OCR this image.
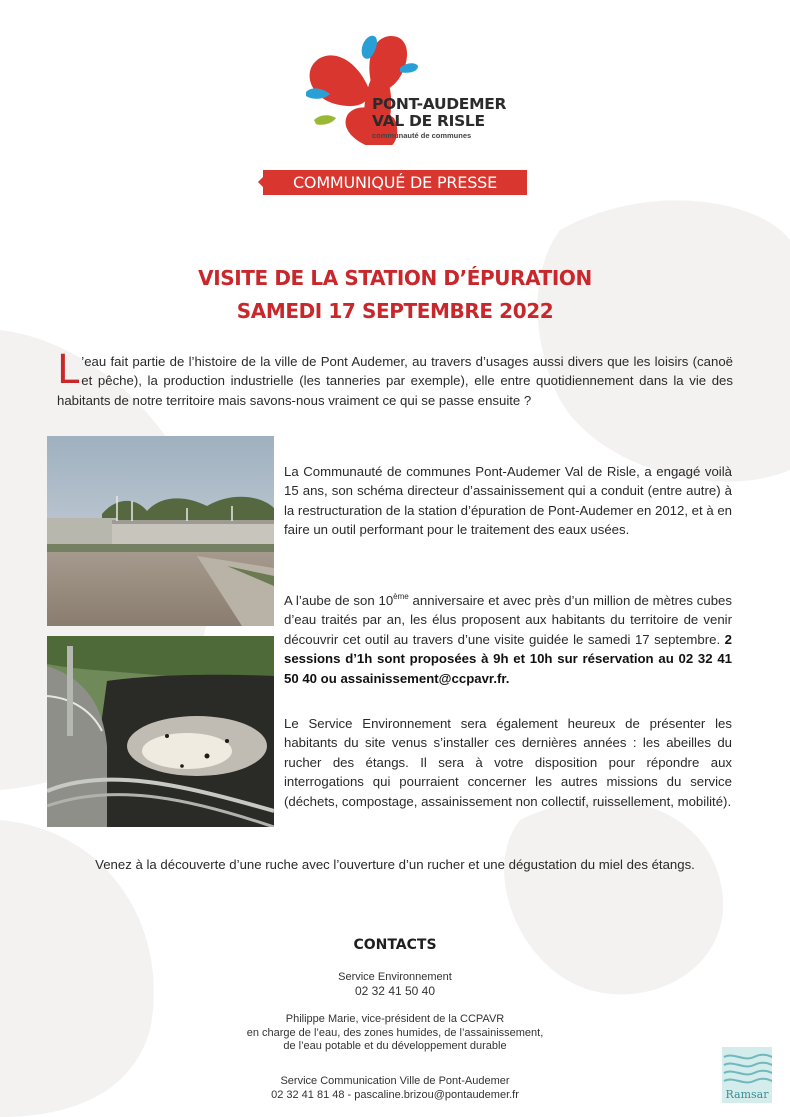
PONT-AUDEMER
VAL DE RISLE
communauté de communes
COMMUNIQUÉ DE PRESSE
VISITE DE LA STATION D’ÉPURATION
SAMEDI 17 SEPTEMBRE 2022
L ’eau fait partie de l’histoire de la ville de Pont Audemer, au travers d’usages aussi divers que les loisirs (canoë et pêche), la production industrielle (les tanneries par exemple), elle entre quotidiennement dans la vie des habitants de notre territoire mais savons-nous vraiment ce qui se passe ensuite ?

La Communauté de communes Pont-Audemer Val de Risle, a engagé voilà 15 ans, son schéma directeur d’assainissement qui a conduit (entre autre) à la restructuration de la station d’épuration de Pont-Audemer en 2012, et à en faire un outil performant pour le traitement des eaux usées.

A l’aube de son 10ème anniversaire et avec près d’un million de mètres cubes d’eau traités par an, les élus proposent aux habitants du territoire de venir découvrir cet outil au travers d’une visite guidée le samedi 17 septembre. 2 sessions d’1h sont proposées à 9h et 10h sur réservation au 02 32 41 50 40 ou assainissement@ccpavr.fr.

Le Service Environnement sera également heureux de présenter les habitants du site venus s’installer ces dernières années : les abeilles du rucher des étangs. Il sera à votre disposition pour répondre aux interrogations qui pourraient concerner les autres missions du service (déchets, compostage, assainissement non collectif, ruissellement, mobilité).

Venez à la découverte d’une ruche avec l’ouverture d’un rucher et une dégustation du miel des étangs.
CONTACTS
Service Environnement
02 32 41 50 40
Philippe Marie, vice-président de la CCPAVR
en charge de l’eau, des zones humides, de l’assainissement,
de l’eau potable et du développement durable
Service Communication Ville de Pont-Audemer
02 32 41 81 48 - pascaline.brizou@pontaudemer.fr	Ramsar
